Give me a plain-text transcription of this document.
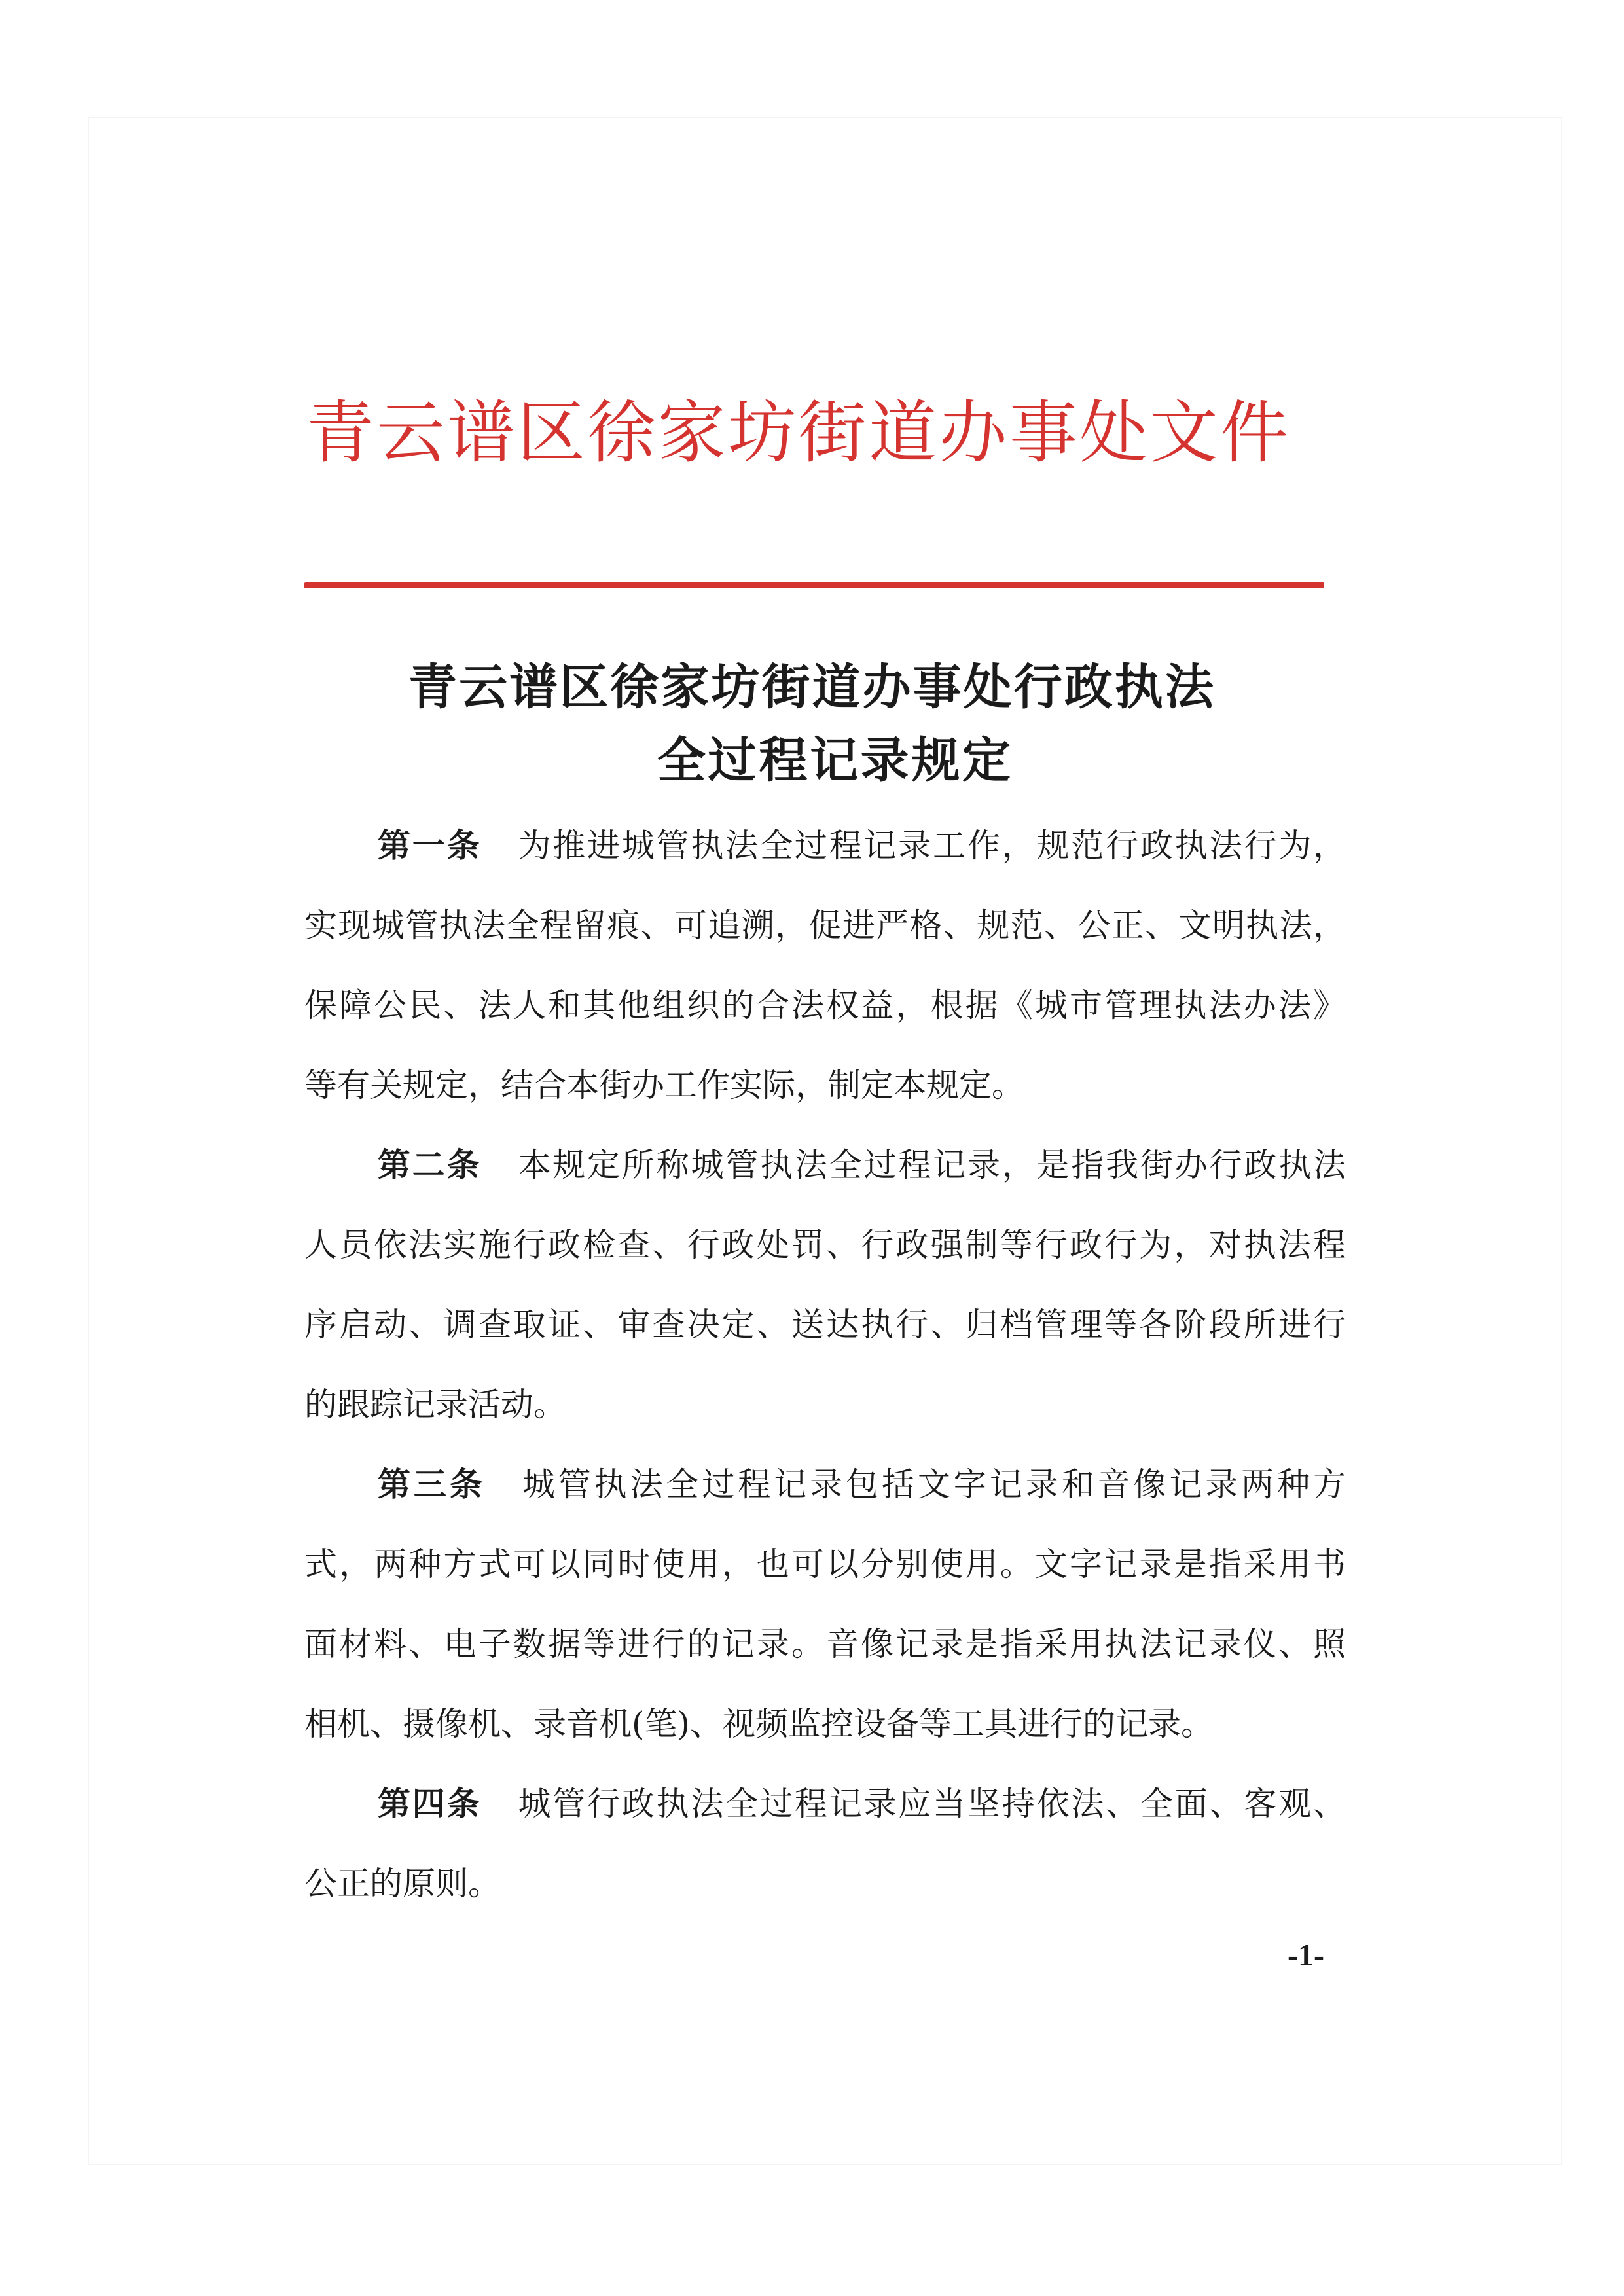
青云谱区徐家坊街道办事处文件
青云谱区徐家坊街道办事处行政执法
全过程记录规定
第一条 为推进城管执法全过程记录工作，规范行政执法行为，
实现城管执法全程留痕、可追溯，促进严格、规范、公正、文明执法，
保障公民、法人和其他组织的合法权益，根据《城市管理执法办法》
等有关规定，结合本街办工作实际，制定本规定。
第二条 本规定所称城管执法全过程记录，是指我街办行政执法
人员依法实施行政检查、行政处罚、行政强制等行政行为，对执法程
序启动、调查取证、审查决定、送达执行、归档管理等各阶段所进行
的跟踪记录活动。
第三条 城管执法全过程记录包括文字记录和音像记录两种方
式，两种方式可以同时使用，也可以分别使用。文字记录是指采用书
面材料、电子数据等进行的记录。音像记录是指采用执法记录仪、照
相机、摄像机、录音机(笔)、视频监控设备等工具进行的记录。
第四条 城管行政执法全过程记录应当坚持依法、全面、客观、
公正的原则。
-1-
